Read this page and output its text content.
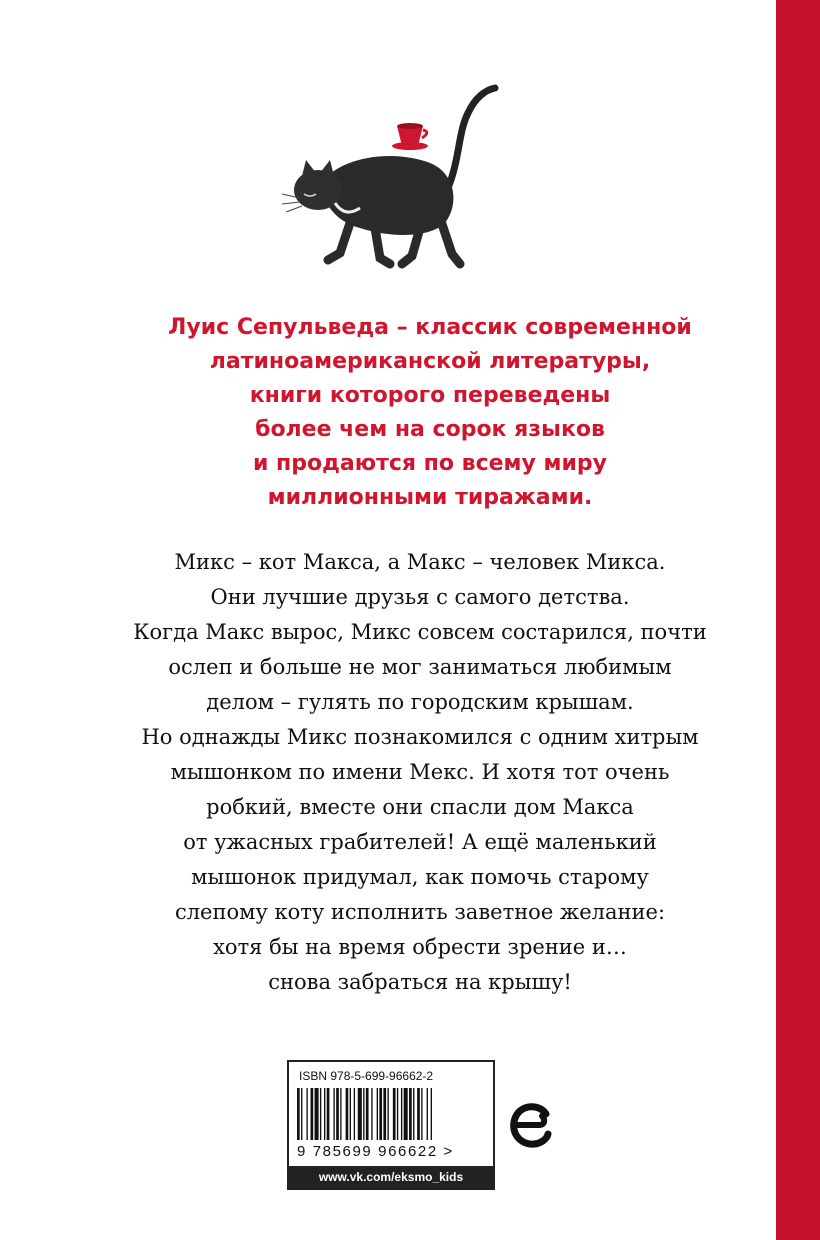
Луис Сепульведа – классик современной
латиноамериканской литературы,
книги которого переведены
более чем на сорок языков
и продаются по всему миру
миллионными тиражами.
Микс – кот Макса, а Макс – человек Микса.
Они лучшие друзья с самого детства.
Когда Макс вырос, Микс совсем состарился, почти
ослеп и больше не мог заниматься любимым
делом – гулять по городским крышам.
Но однажды Микс познакомился с одним хитрым
мышонком по имени Мекс. И хотя тот очень
робкий, вместе они спасли дом Макса
от ужасных грабителей! А ещё маленький
мышонок придумал, как помочь старому
слепому коту исполнить заветное желание:
хотя бы на время обрести зрение и…
снова забраться на крышу!
ISBN 978-5-699-96662-2
9 785699 966622 >
www.vk.com/eksmo_kids
